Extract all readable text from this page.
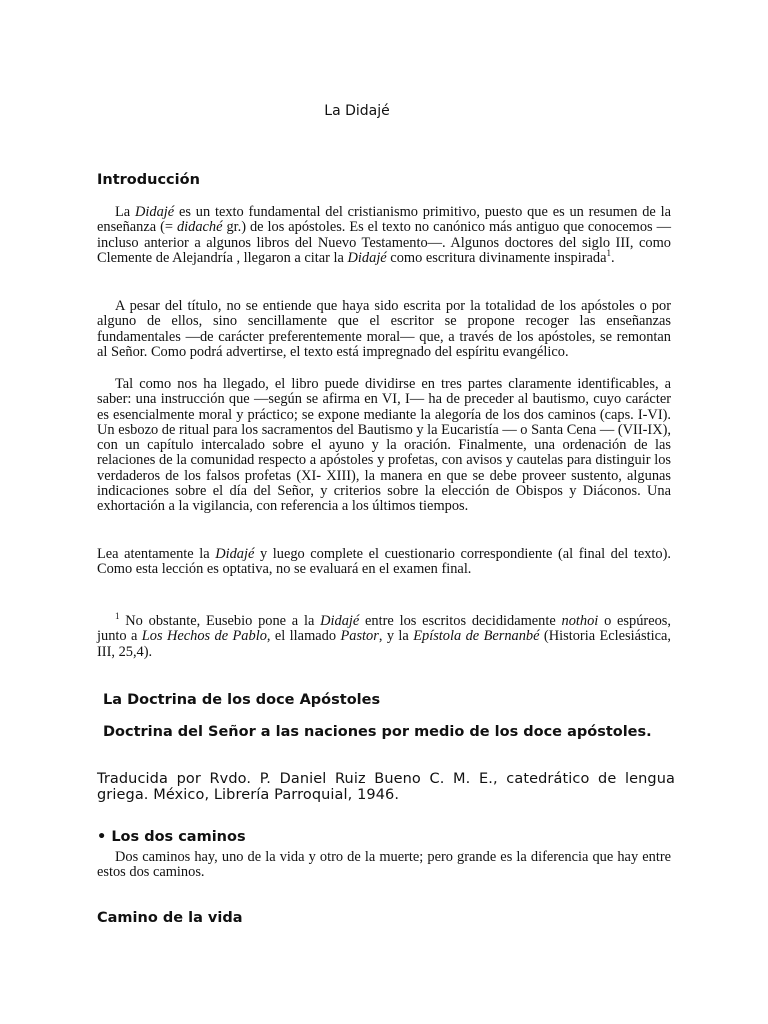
La Didajé
Introducción

La Didajé es un texto fundamental del cristianismo primitivo, puesto que es un resumen de la enseñanza (= didaché gr.) de los apóstoles. Es el texto no canónico más antiguo que conocemos —incluso anterior a algunos libros del Nuevo Testamento—. Algunos doctores del siglo III, como Clemente de Alejandría , llegaron a citar la Didajé como escritura divinamente inspirada$^1$.

A pesar del título, no se entiende que haya sido escrita por la totalidad de los apóstoles o por alguno de ellos, sino sencillamente que el escritor se propone recoger las enseñanzas fundamentales —de carácter preferentemente moral— que, a través de los apóstoles, se remontan al Señor. Como podrá advertirse, el texto está impregnado del espíritu evangélico.

Tal como nos ha llegado, el libro puede dividirse en tres partes claramente identificables, a saber: una instrucción que —según se afirma en VI, I— ha de preceder al bautismo, cuyo carácter es esencialmente moral y práctico; se expone mediante la alegoría de los dos caminos (caps. I-VI). Un esbozo de ritual para los sacramentos del Bautismo y la Eucaristía — o Santa Cena — (VII-IX), con un capítulo intercalado sobre el ayuno y la oración. Finalmente, una ordenación de las relaciones de la comunidad respecto a apóstoles y profetas, con avisos y cautelas para distinguir los verdaderos de los falsos profetas (XI- XIII), la manera en que se debe proveer sustento, algunas indicaciones sobre el día del Señor, y criterios sobre la elección de Obispos y Diáconos. Una exhortación a la vigilancia, con referencia a los últimos tiempos.

Lea atentamente la Didajé y luego complete el cuestionario correspondiente (al final del texto). Como esta lección es optativa, no se evaluará en el examen final.

$^1$ No obstante, Eusebio pone a la Didajé entre los escritos decididamente nothoi o espúreos, junto a Los Hechos de Pablo, el llamado Pastor, y la Epístola de Bernanbé (Historia Eclesiástica, III, 25,4).

La Doctrina de los doce Apóstoles

Doctrina del Señor a las naciones por medio de los doce apóstoles.

Traducida por Rvdo. P. Daniel Ruiz Bueno C. M. E., catedrático de lengua griega. México, Librería Parroquial, 1946.

• Los dos caminos

Dos caminos hay, uno de la vida y otro de la muerte; pero grande es la diferencia que hay entre estos dos caminos.

Camino de la vida
